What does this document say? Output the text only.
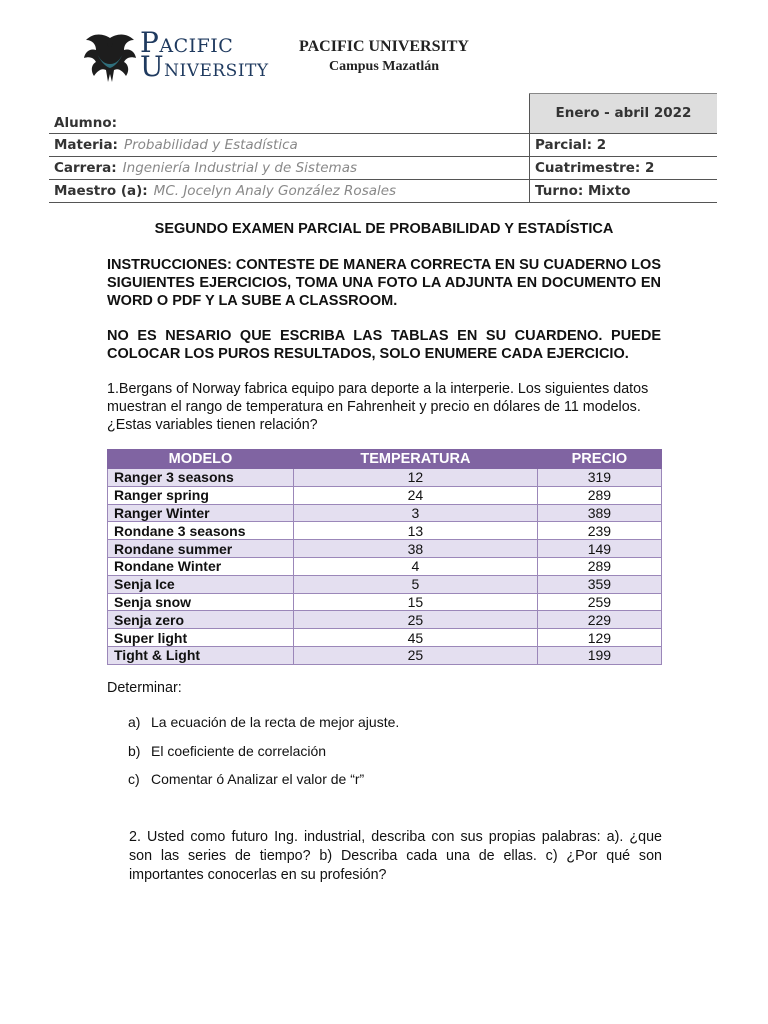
PACIFIC
UNIVERSITY
PACIFIC UNIVERSITY
Campus Mazatlán
Alumno:	Enero - abril 2022
Materia: Probabilidad y Estadística	Parcial: 2
Carrera: Ingeniería Industrial y de Sistemas	Cuatrimestre: 2
Maestro (a): MC. Jocelyn Analy González Rosales	Turno: Mixto
SEGUNDO EXAMEN PARCIAL DE PROBABILIDAD Y ESTADÍSTICA
INSTRUCCIONES: CONTESTE DE MANERA CORRECTA EN SU CUADERNO LOS SIGUIENTES EJERCICIOS, TOMA UNA FOTO LA ADJUNTA EN DOCUMENTO EN WORD O PDF Y LA SUBE A CLASSROOM.
NO ES NESARIO QUE ESCRIBA LAS TABLAS EN SU CUARDENO. PUEDE COLOCAR LOS PUROS RESULTADOS, SOLO ENUMERE CADA EJERCICIO.
1.Bergans of Norway fabrica equipo para deporte a la interperie. Los siguientes datos muestran el rango de temperatura en Fahrenheit y precio en dólares de 11 modelos. ¿Estas variables tienen relación?
MODELO	TEMPERATURA	PRECIO
Ranger 3 seasons	12	319
Ranger spring	24	289
Ranger Winter	3	389
Rondane 3 seasons	13	239
Rondane summer	38	149
Rondane Winter	4	289
Senja Ice	5	359
Senja snow	15	259
Senja zero	25	229
Super light	45	129
Tight & Light	25	199
Determinar:
a) La ecuación de la recta de mejor ajuste.
b) El coeficiente de correlación
c) Comentar ó Analizar el valor de “r”
2. Usted como futuro Ing. industrial, describa con sus propias palabras: a). ¿que son las series de tiempo? b) Describa cada una de ellas. c) ¿Por qué son importantes conocerlas en su profesión?
